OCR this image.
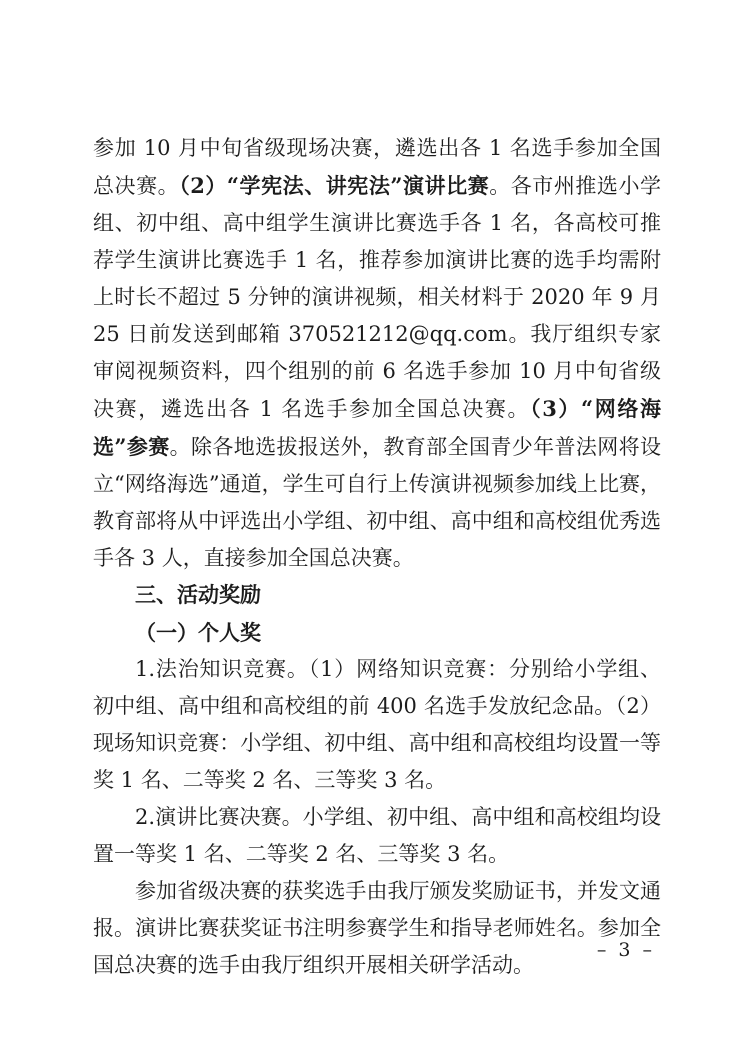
参加 10 月中旬省级现场决赛，遴选出各 1 名选手参加全国总决赛。（2）“学宪法、讲宪法”演讲比赛。各市州推选小学组、初中组、高中组学生演讲比赛选手各 1 名，各高校可推荐学生演讲比赛选手 1 名，推荐参加演讲比赛的选手均需附上时长不超过 5 分钟的演讲视频，相关材料于 2020 年 9 月 25 日前发送到邮箱 370521212@qq.com。我厅组织专家审阅视频资料，四个组别的前 6 名选手参加 10 月中旬省级决赛，遴选出各 1 名选手参加全国总决赛。（3）“网络海选”参赛。除各地选拔报送外，教育部全国青少年普法网将设立“网络海选”通道，学生可自行上传演讲视频参加线上比赛，教育部将从中评选出小学组、初中组、高中组和高校组优秀选手各 3 人，直接参加全国总决赛。

三、活动奖励

（一）个人奖

1.法治知识竞赛。（1）网络知识竞赛：分别给小学组、初中组、高中组和高校组的前 400 名选手发放纪念品。（2）现场知识竞赛：小学组、初中组、高中组和高校组均设置一等奖 1 名、二等奖 2 名、三等奖 3 名。

2.演讲比赛决赛。小学组、初中组、高中组和高校组均设置一等奖 1 名、二等奖 2 名、三等奖 3 名。

参加省级决赛的获奖选手由我厅颁发奖励证书，并发文通报。演讲比赛获奖证书注明参赛学生和指导老师姓名。参加全国总决赛的选手由我厅组织开展相关研学活动。

– 3 –
